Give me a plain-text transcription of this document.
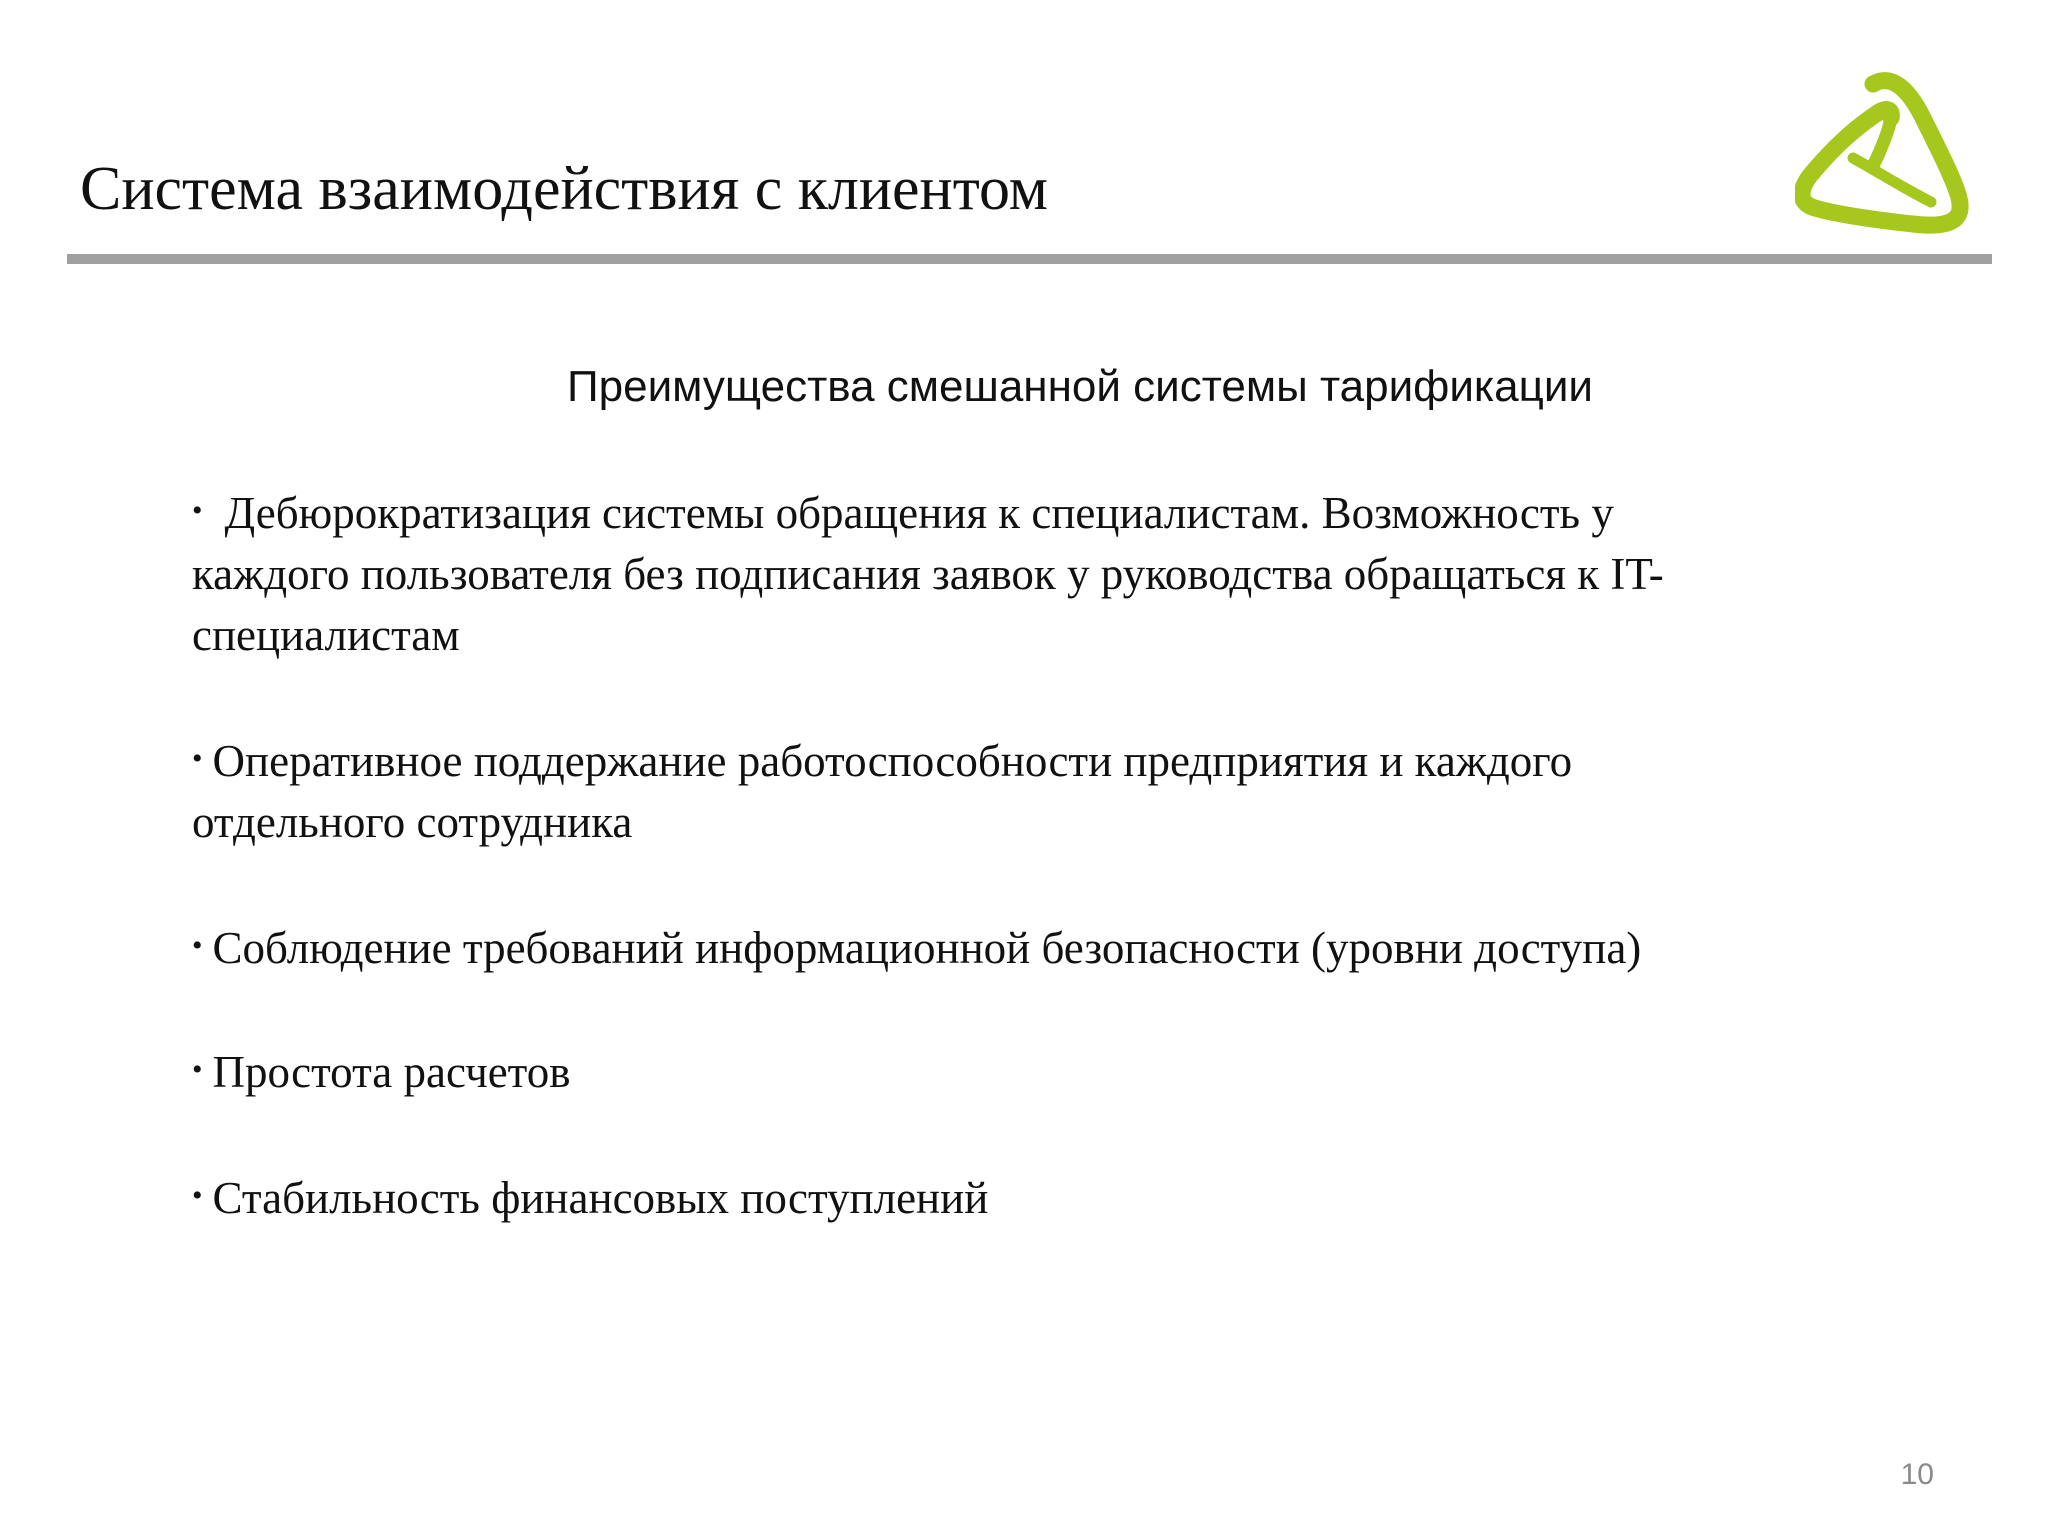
Система взаимодействия с клиентом
Преимущества смешанной системы тарификации
• Дебюрократизация системы обращения к специалистам. Возможность у каждого пользователя без подписания заявок у руководства обращаться к IT-специалистам
• Оперативное поддержание работоспособности предприятия и каждого отдельного сотрудника
• Соблюдение требований информационной безопасности (уровни доступа)
• Простота расчетов
• Стабильность финансовых поступлений
10
